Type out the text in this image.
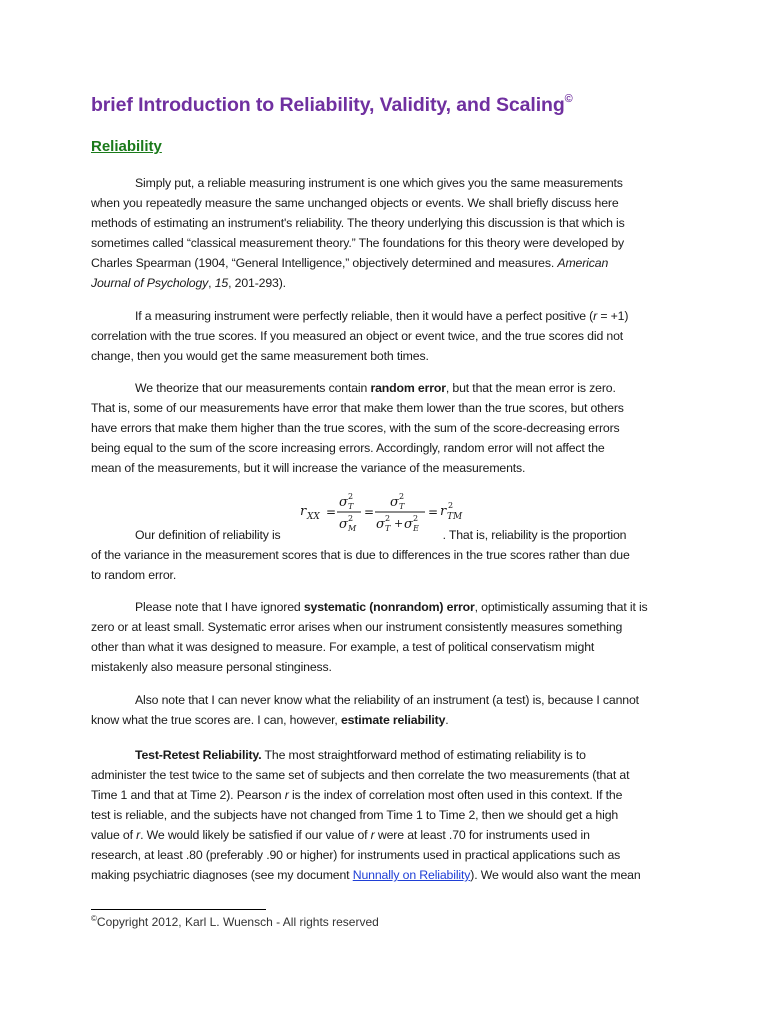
brief Introduction to Reliability, Validity, and Scaling©
Reliability

Simply put, a reliable measuring instrument is one which gives you the same measurements
when you repeatedly measure the same unchanged objects or events. We shall briefly discuss here
methods of estimating an instrument's reliability. The theory underlying this discussion is that which is
sometimes called “classical measurement theory.” The foundations for this theory were developed by
Charles Spearman (1904, “General Intelligence,” objectively determined and measures. American
Journal of Psychology, 15, 201-293).

If a measuring instrument were perfectly reliable, then it would have a perfect positive (r = +1)
correlation with the true scores. If you measured an object or event twice, and the true scores did not
change, then you would get the same measurement both times.

We theorize that our measurements contain random error, but that the mean error is zero.
That is, some of our measurements have error that make them lower than the true scores, but others
have errors that make them higher than the true scores, with the sum of the score-decreasing errors
being equal to the sum of the score increasing errors. Accordingly, random error will not affect the
mean of the measurements, but it will increase the variance of the measurements.

r XX =
σ 2
T
σ 2
M
=
σ 2
T
σ 2
T + σ 2
E
= r 2
TM

Our definition of reliability is	. That is, reliability is the proportion
of the variance in the measurement scores that is due to differences in the true scores rather than due
to random error.

Please note that I have ignored systematic (nonrandom) error, optimistically assuming that it is
zero or at least small. Systematic error arises when our instrument consistently measures something
other than what it was designed to measure. For example, a test of political conservatism might
mistakenly also measure personal stinginess.

Also note that I can never know what the reliability of an instrument (a test) is, because I cannot
know what the true scores are. I can, however, estimate reliability.

Test-Retest Reliability. The most straightforward method of estimating reliability is to
administer the test twice to the same set of subjects and then correlate the two measurements (that at
Time 1 and that at Time 2). Pearson r is the index of correlation most often used in this context. If the
test is reliable, and the subjects have not changed from Time 1 to Time 2, then we should get a high
value of r. We would likely be satisfied if our value of r were at least .70 for instruments used in
research, at least .80 (preferably .90 or higher) for instruments used in practical applications such as
making psychiatric diagnoses (see my document Nunnally on Reliability). We would also want the mean

©Copyright 2012, Karl L. Wuensch - All rights reserved
